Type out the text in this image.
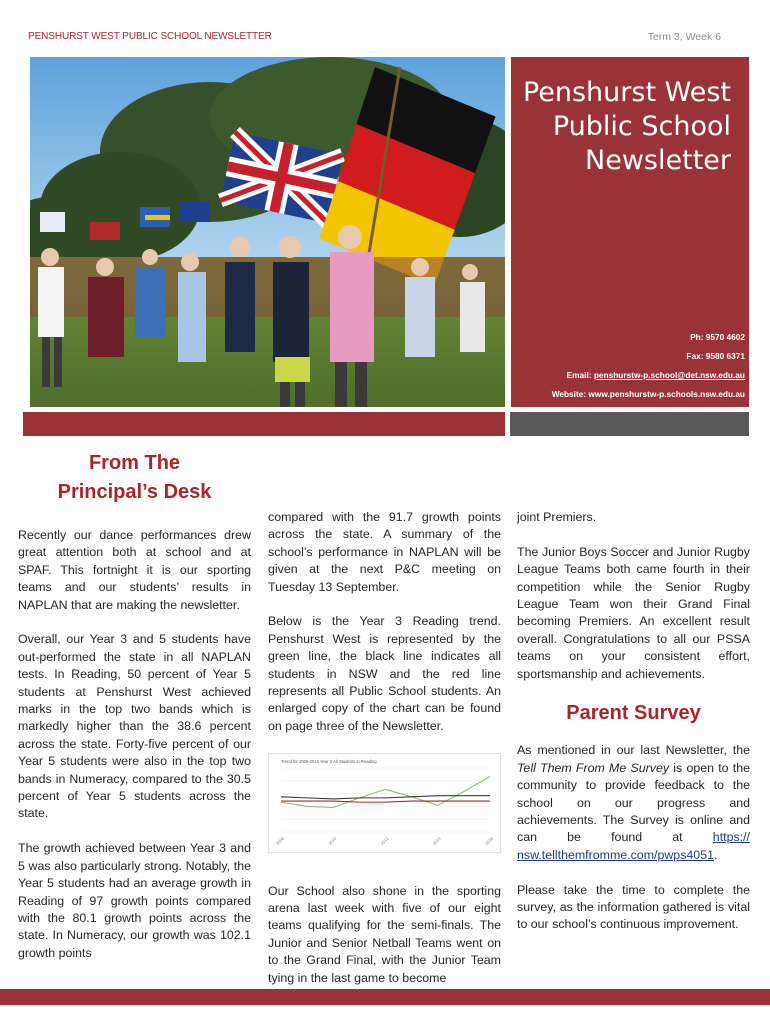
PENSHURST WEST PUBLIC SCHOOL NEWSLETTER	Term 3, Week 6
Penshurst West
Public School
Newsletter
Ph: 9570 4602
Fax: 9580 6371
Email: penshurstw-p.school@det.nsw.edu.au
Website: www.penshurstw-p.schools.nsw.edu.au
From The
Principal’s Desk

Recently our dance performances drew great attention both at school and at SPAF. This fortnight it is our sporting teams and our students’ results in NAPLAN that are making the newsletter.

Overall, our Year 3 and 5 students have out-performed the state in all NAPLAN tests. In Reading, 50 percent of Year 5 students at Penshurst West achieved marks in the top two bands which is markedly higher than the 38.6 percent across the state. Forty-five percent of our Year 5 students were also in the top two bands in Numeracy, compared to the 30.5 percent of Year 5 students across the state.

The growth achieved between Year 3 and 5 was also particularly strong. Notably, the Year 5 students had an average growth in Reading of 97 growth points compared with the 80.1 growth points across the state. In Numeracy, our growth was 102.1 growth points

compared with the 91.7 growth points across the state. A summary of the school’s performance in NAPLAN will be given at the next P&C meeting on Tuesday 13 September.

Below is the Year 3 Reading trend. Penshurst West is represented by the green line, the black line indicates all students in NSW and the red line represents all Public School students. An enlarged copy of the chart can be found on page three of the Newsletter.

Trend for 2008-2016 Year 3 All Students in Reading
2008	2010	2012	2014	2016

Our School also shone in the sporting arena last week with five of our eight teams qualifying for the semi-finals. The Junior and Senior Netball Teams went on to the Grand Final, with the Junior Team tying in the last game to become

joint Premiers.

The Junior Boys Soccer and Junior Rugby League Teams both came fourth in their competition while the Senior Rugby League Team won their Grand Final becoming Premiers. An excellent result overall. Congratulations to all our PSSA teams on your consistent effort, sportsmanship and achievements.

Parent Survey

As mentioned in our last Newsletter, the Tell Them From Me Survey is open to the community to provide feedback to the school on our progress and achievements. The Survey is online and can be found at https:// nsw.tellthemfromme.com/pwps4051.

Please take the time to complete the survey, as the information gathered is vital to our school’s continuous improvement.
